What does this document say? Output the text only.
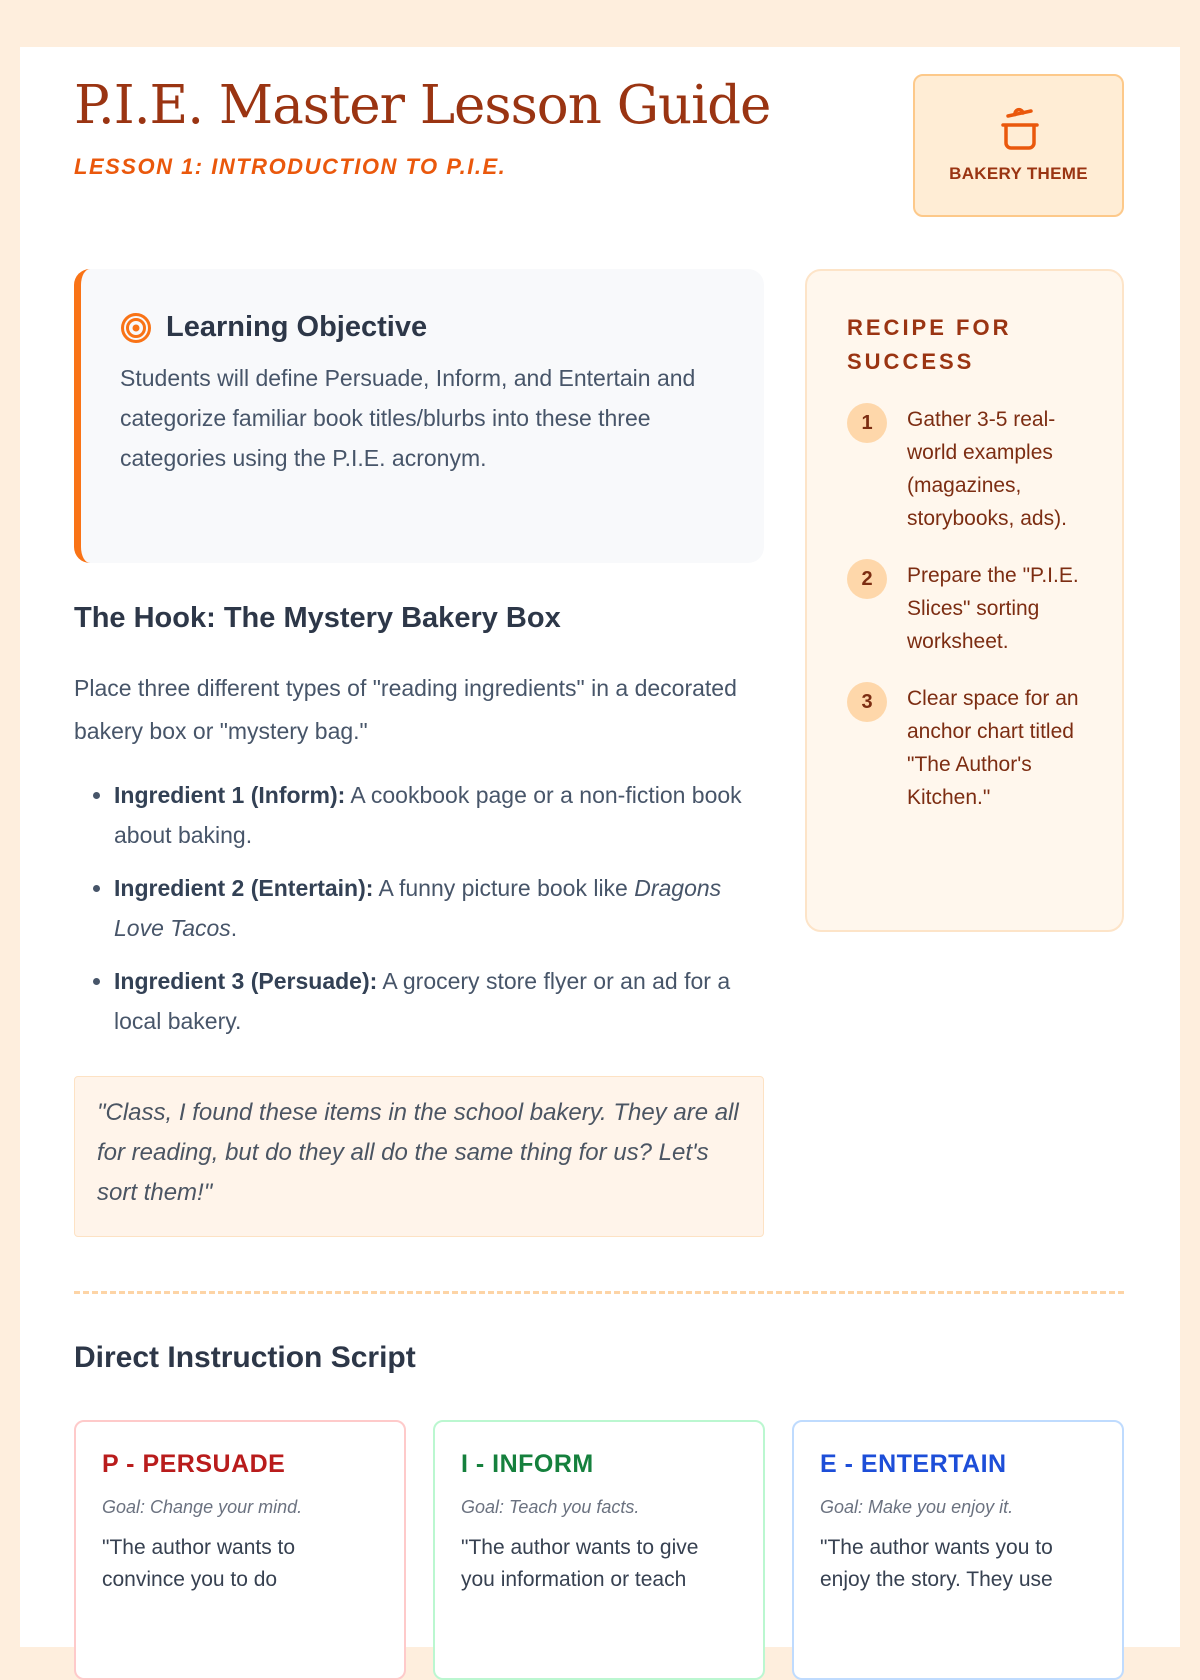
P.I.E. Master Lesson Guide
LESSON 1: INTRODUCTION TO P.I.E.	BAKERY THEME
Learning Objective
Students will define Persuade, Inform, and Entertain and categorize familiar book titles/blurbs into these three categories using the P.I.E. acronym.
The Hook: The Mystery Bakery Box

Place three different types of "reading ingredients" in a decorated bakery box or "mystery bag."

• Ingredient 1 (Inform): A cookbook page or a non-fiction book about baking.
• Ingredient 2 (Entertain): A funny picture book like Dragons Love Tacos.
• Ingredient 3 (Persuade): A grocery store flyer or an ad for a local bakery.
"Class, I found these items in the school bakery. They are all for reading, but do they all do the same thing for us? Let's sort them!"
RECIPE FOR SUCCESS
1	Gather 3-5 real-world examples (magazines, storybooks, ads).
2	Prepare the "P.I.E. Slices" sorting worksheet.
3	Clear space for an anchor chart titled "The Author's Kitchen."
Direct Instruction Script
P - PERSUADE
Goal: Change your mind.
"The author wants to convince you to do
I - INFORM
Goal: Teach you facts.
"The author wants to give you information or teach
E - ENTERTAIN
Goal: Make you enjoy it.
"The author wants you to enjoy the story. They use
